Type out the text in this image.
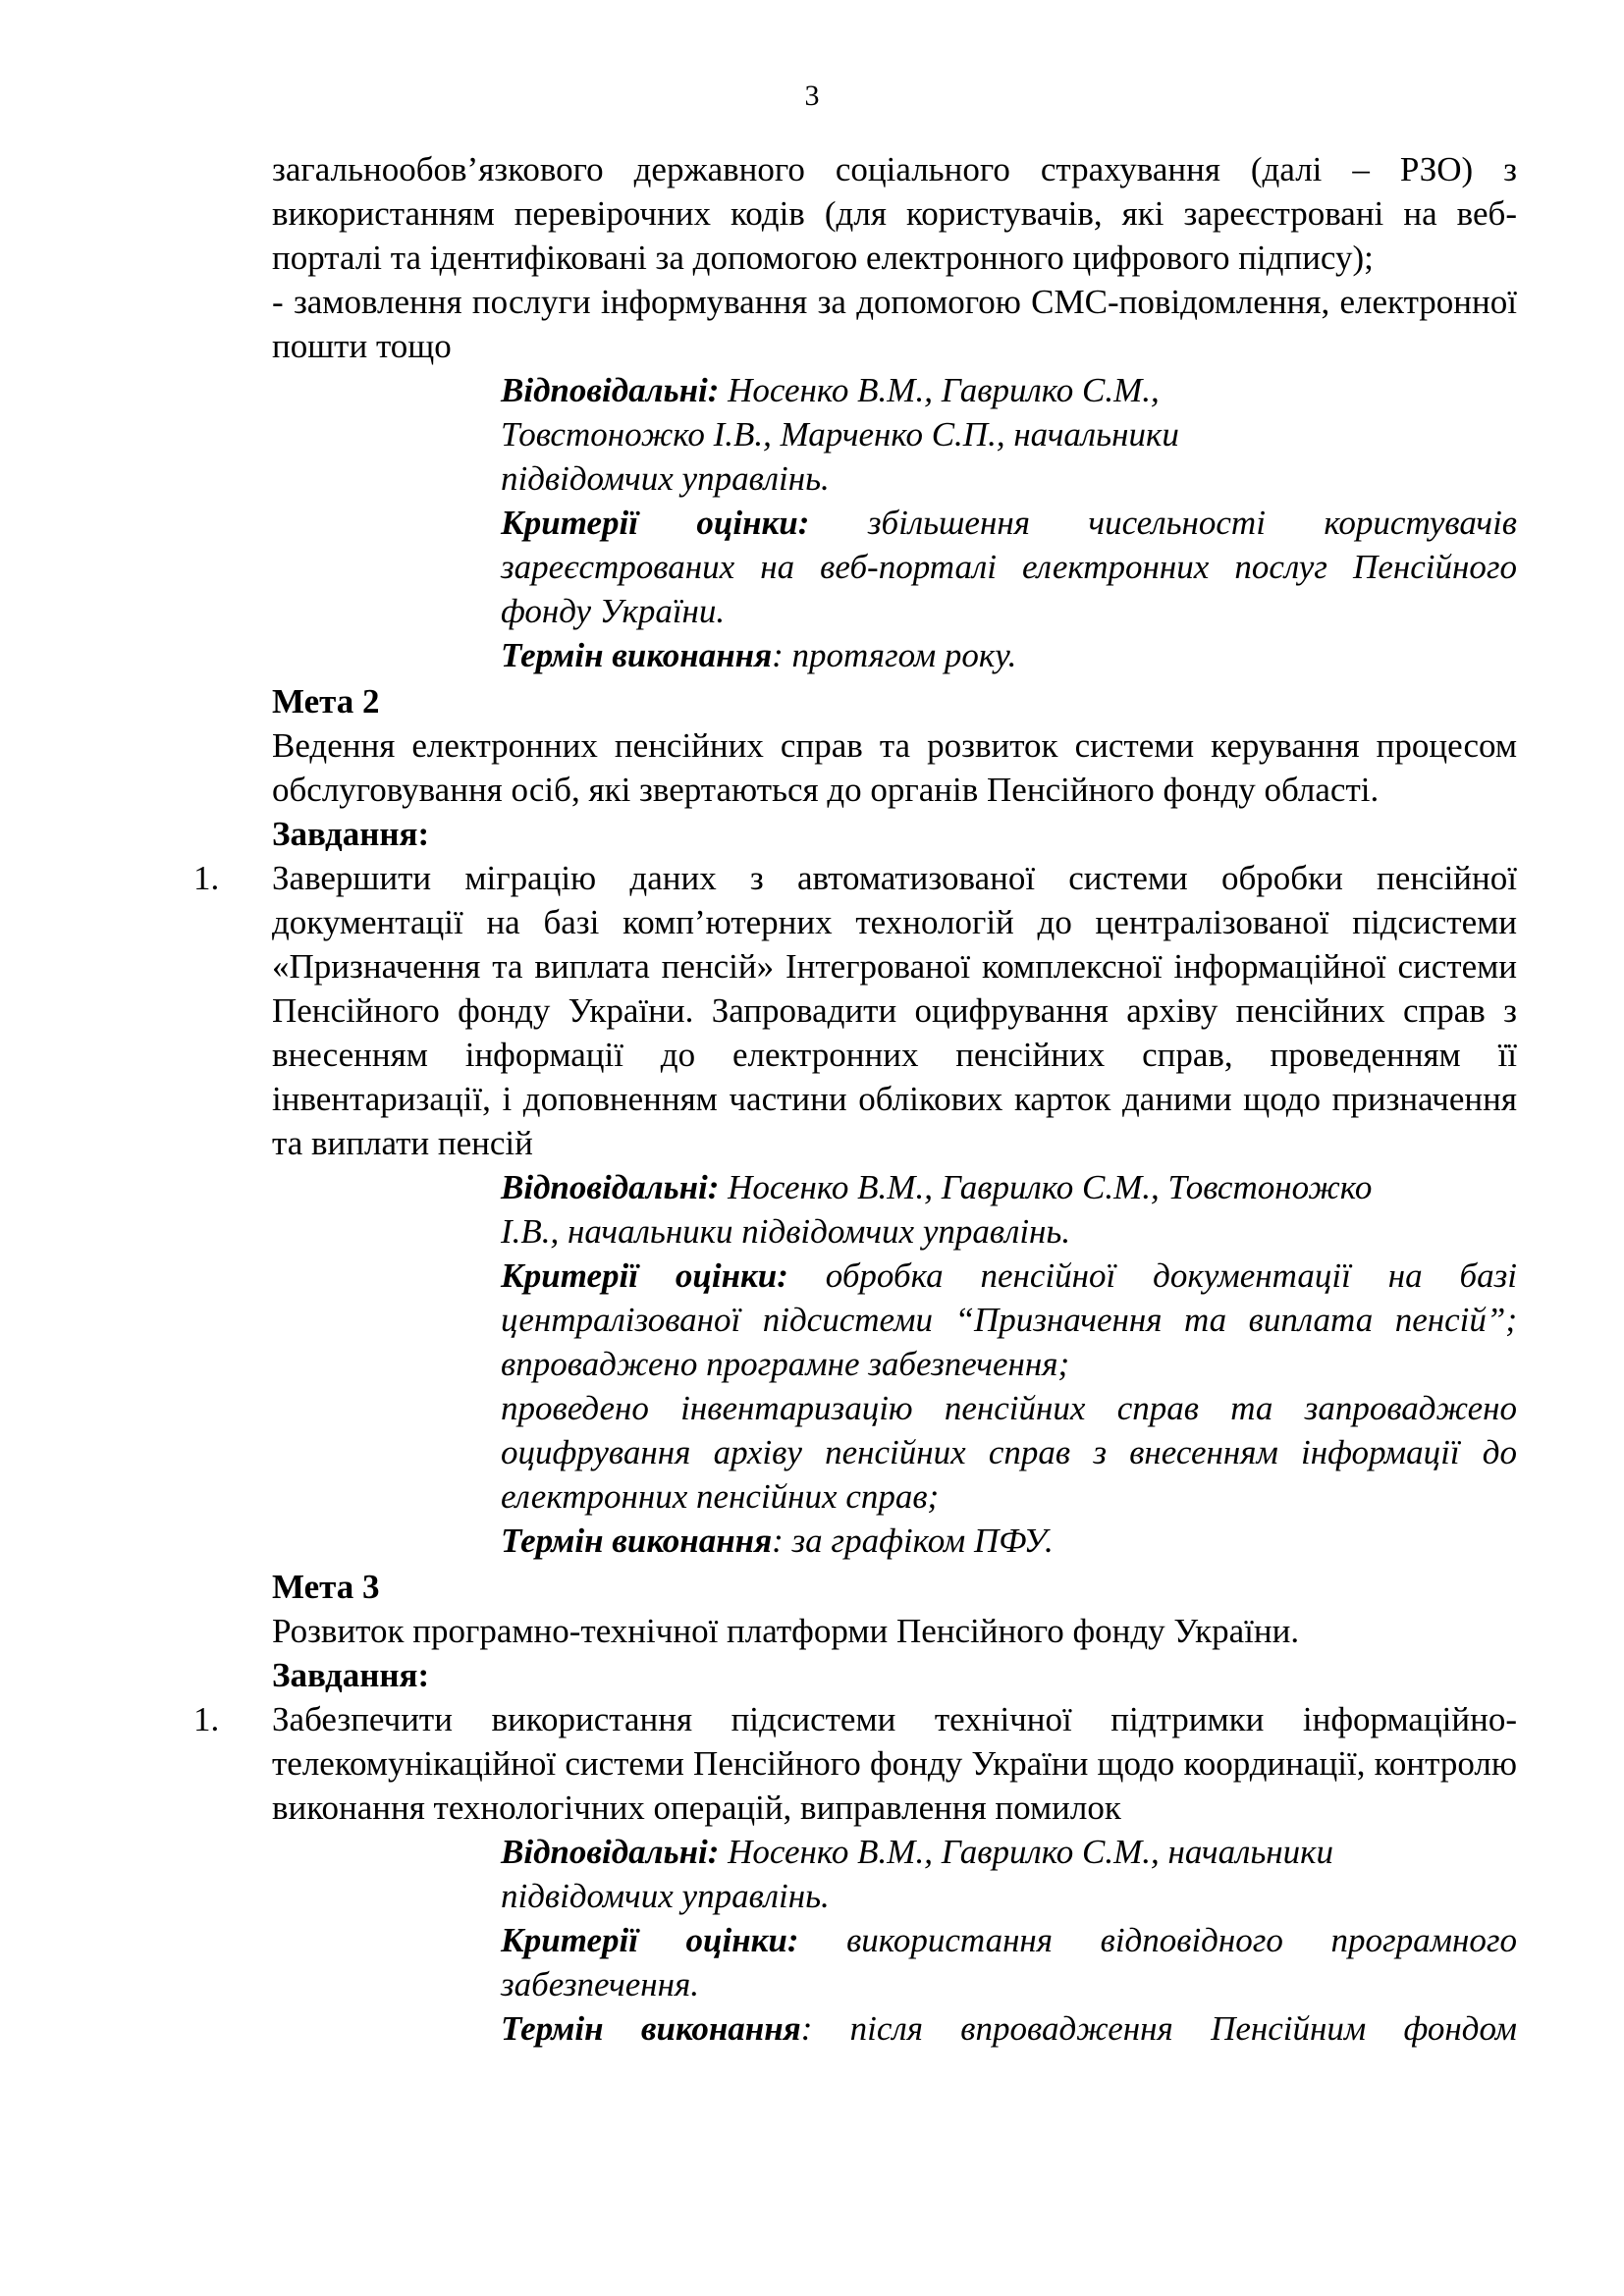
3

загальнообов’язкового державного соціального страхування (далі – РЗО) з використанням перевірочних кодів (для користувачів, які зареєстровані на веб-порталі та ідентифіковані за допомогою електронного цифрового підпису);

- замовлення послуги інформування за допомогою СМС-повідомлення, електронної пошти тощо

Відповідальні: Носенко В.М., Гаврилко С.М., Товстоножко І.В., Марченко С.П., начальники підвідомчих управлінь.

Критерії оцінки: збільшення чисельності користувачів зареєстрованих на веб-порталі електронних послуг Пенсійного фонду України.

Термін виконання: протягом року.

Мета 2

Ведення електронних пенсійних справ та розвиток системи керування процесом обслуговування осіб, які звертаються до органів Пенсійного фонду області.

Завдання:

1. Завершити міграцію даних з автоматизованої системи обробки пенсійної документації на базі комп’ютерних технологій до централізованої підсистеми «Призначення та виплата пенсій» Інтегрованої комплексної інформаційної системи Пенсійного фонду України. Запровадити оцифрування архіву пенсійних справ з внесенням інформації до електронних пенсійних справ, проведенням її інвентаризації, і доповненням частини облікових карток даними щодо призначення та виплати пенсій

Відповідальні: Носенко В.М., Гаврилко С.М., Товстоножко І.В., начальники підвідомчих управлінь.

Критерії оцінки: обробка пенсійної документації на базі централізованої підсистеми “Призначення та виплата пенсій”; впроваджено програмне забезпечення;

проведено інвентаризацію пенсійних справ та запроваджено оцифрування архіву пенсійних справ з внесенням інформації до електронних пенсійних справ;

Термін виконання: за графіком ПФУ.

Мета 3

Розвиток програмно-технічної платформи Пенсійного фонду України.

Завдання:

1. Забезпечити використання підсистеми технічної підтримки інформаційно-телекомунікаційної системи Пенсійного фонду України щодо координації, контролю виконання технологічних операцій, виправлення помилок

Відповідальні: Носенко В.М., Гаврилко С.М., начальники підвідомчих управлінь.

Критерії оцінки: використання відповідного програмного забезпечення.

Термін виконання: після впровадження Пенсійним фондом
